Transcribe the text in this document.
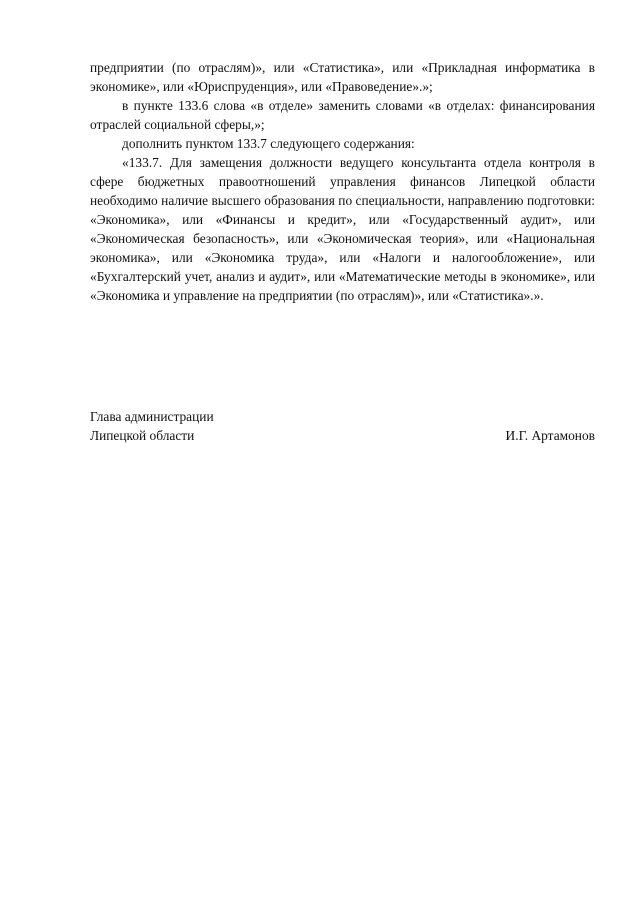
предприятии (по отраслям)», или «Статистика», или «Прикладная информатика в экономике», или «Юриспруденция», или «Правоведение».»;

в пункте 133.6 слова «в отделе» заменить словами «в отделах: финансирования отраслей социальной сферы,»;

дополнить пунктом 133.7 следующего содержания:

«133.7. Для замещения должности ведущего консультанта отдела контроля в сфере бюджетных правоотношений управления финансов Липецкой области необходимо наличие высшего образования по специальности, направлению подготовки: «Экономика», или «Финансы и кредит», или «Государственный аудит», или «Экономическая безопасность», или «Экономическая теория», или «Национальная экономика», или «Экономика труда», или «Налоги и налогообложение», или «Бухгалтерский учет, анализ и аудит», или «Математические методы в экономике», или «Экономика и управление на предприятии (по отраслям)», или «Статистика».».

Глава администрации
Липецкой области	И.Г. Артамонов
